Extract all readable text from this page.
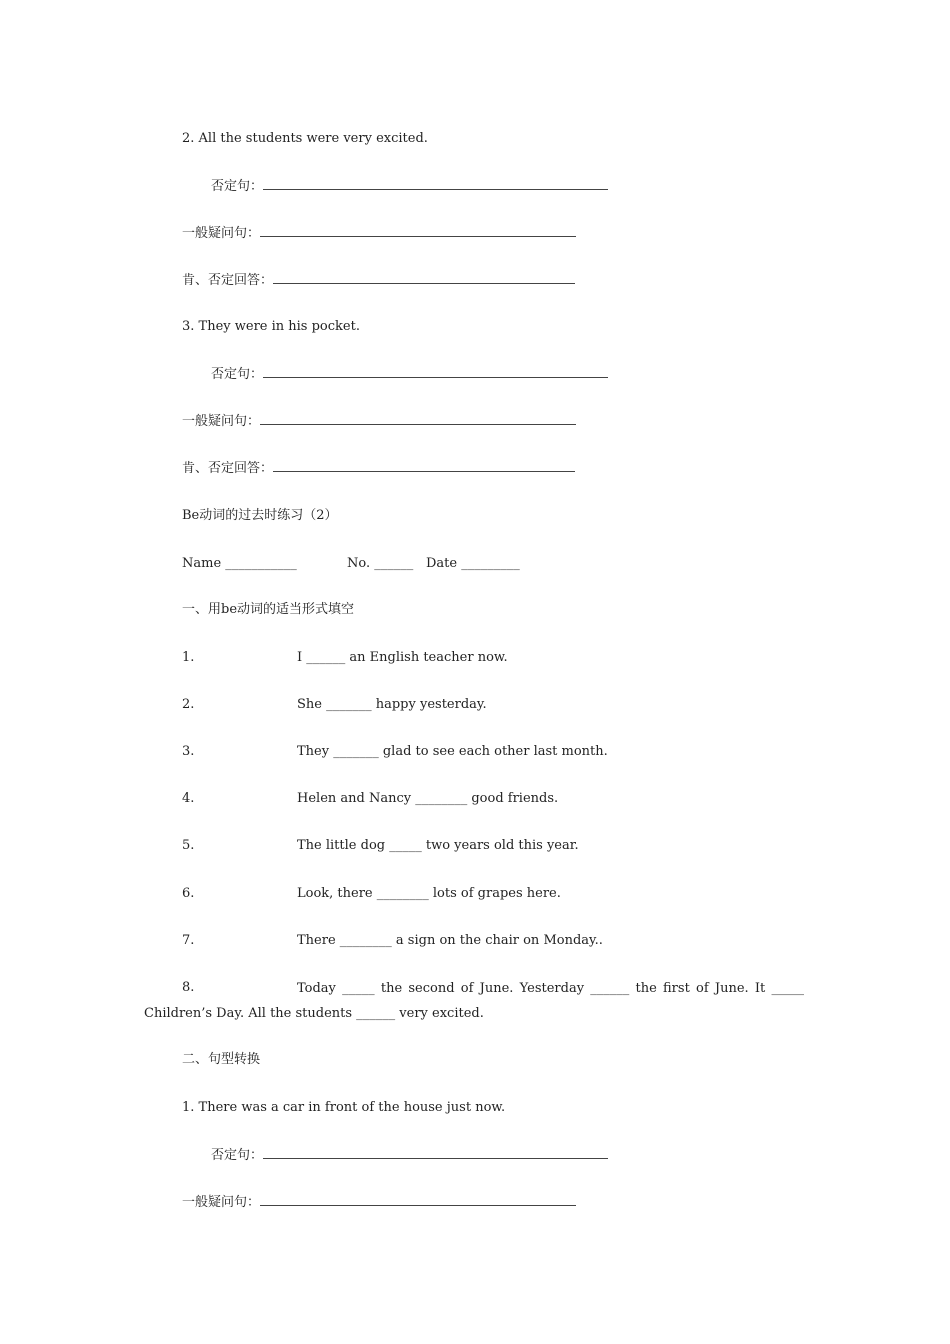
2. All the students were very excited.
否定句：
一般疑问句：
肯、否定回答：
3. They were in his pocket.
否定句：
一般疑问句：
肯、否定回答：
Be动词的过去时练习（2）
Name ___________	No. ______ Date _________
一、用be动词的适当形式填空
1.	I ______ an English teacher now.
2.	She _______ happy yesterday.
3.	They _______ glad to see each other last month.
4.	Helen and Nancy ________ good friends.
5.	The little dog _____ two years old this year.
6.	Look, there ________ lots of grapes here.
7.	There ________ a sign on the chair on Monday..
8.	Today _____ the second of June. Yesterday ______ the first of June. It _____ Children’s Day. All the students ______ very excited.
二、句型转换
1. There was a car in front of the house just now.
否定句：
一般疑问句：
